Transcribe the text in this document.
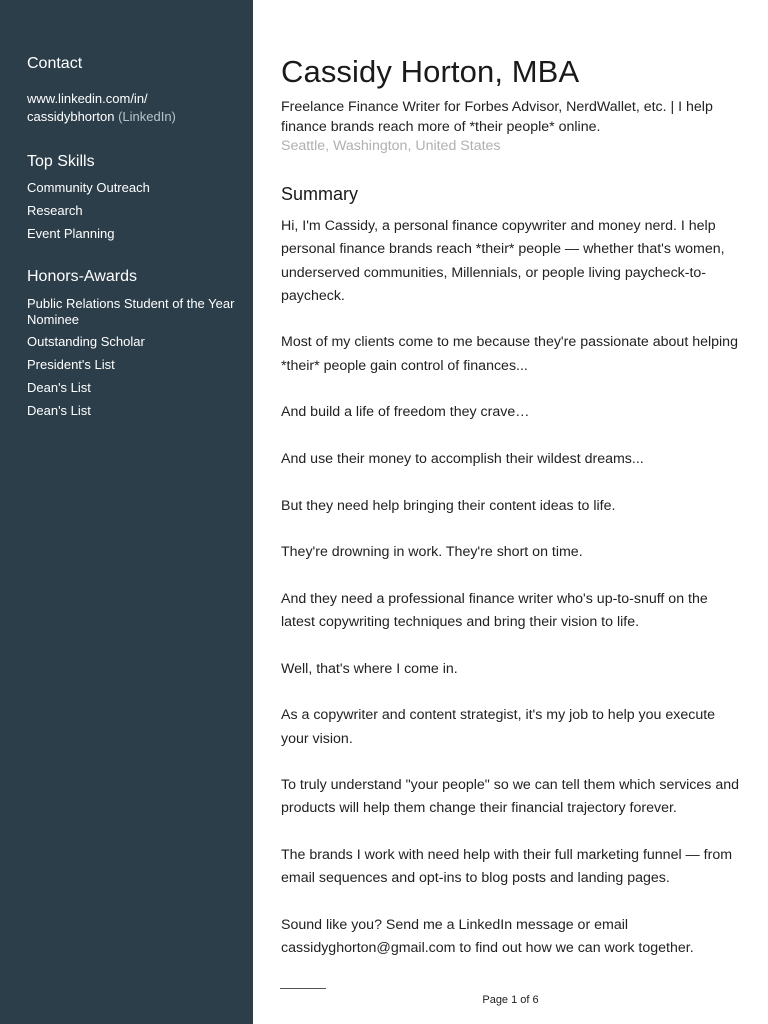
Contact
www.linkedin.com/in/
cassidybhorton (LinkedIn)
Top Skills
Community Outreach
Research
Event Planning
Honors-Awards
Public Relations Student of the Year Nominee
Outstanding Scholar
President's List
Dean's List
Dean's List
Cassidy Horton, MBA
Freelance Finance Writer for Forbes Advisor, NerdWallet, etc. | I help finance brands reach more of *their people* online.
Seattle, Washington, United States
Summary

Hi, I'm Cassidy, a personal finance copywriter and money nerd. I help personal finance brands reach *their* people — whether that's women, underserved communities, Millennials, or people living paycheck-to-paycheck.

Most of my clients come to me because they're passionate about helping *their* people gain control of finances...

And build a life of freedom they crave…

And use their money to accomplish their wildest dreams...

But they need help bringing their content ideas to life.

They're drowning in work. They're short on time.

And they need a professional finance writer who's up-to-snuff on the latest copywriting techniques and bring their vision to life.

Well, that's where I come in.

As a copywriter and content strategist, it's my job to help you execute your vision.

To truly understand "your people" so we can tell them which services and products will help them change their financial trajectory forever.

The brands I work with need help with their full marketing funnel — from email sequences and opt-ins to blog posts and landing pages.

Sound like you? Send me a LinkedIn message or email cassidyghorton@gmail.com to find out how we can work together.

Page 1 of 6
